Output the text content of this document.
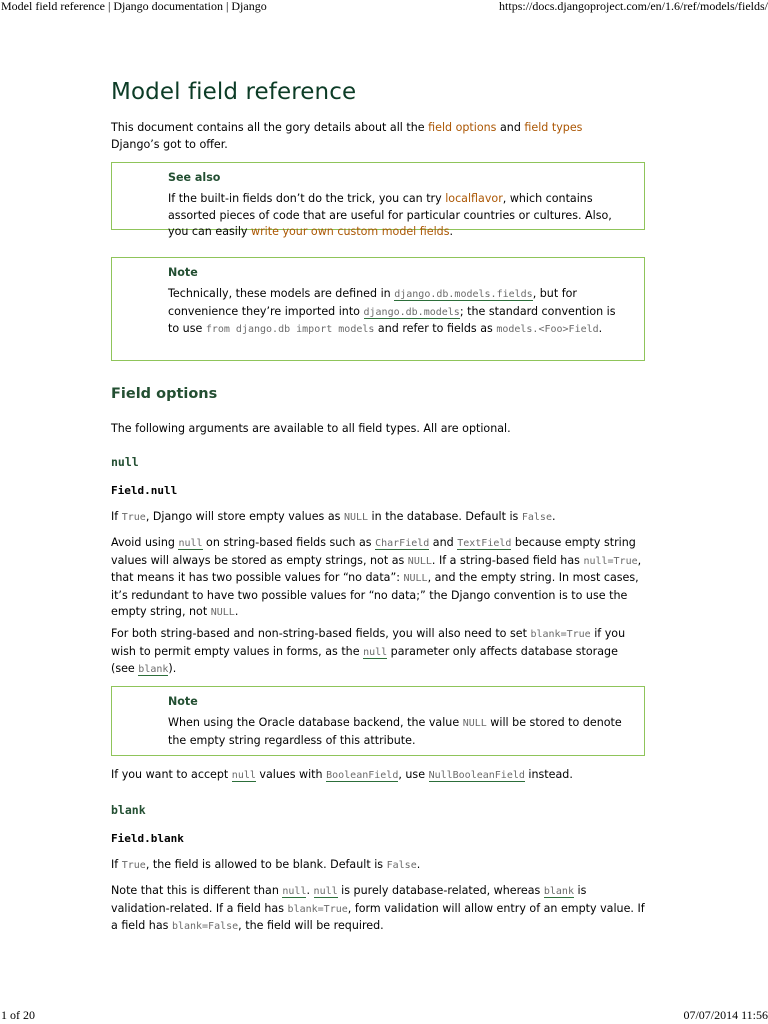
Model field reference | Django documentation | Django	https://docs.djangoproject.com/en/1.6/ref/models/fields/
Model field reference

This document contains all the gory details about all the field options and field types
Django’s got to offer.

See also

If the built-in fields don’t do the trick, you can try localflavor, which contains assorted pieces of code that are useful for particular countries or cultures. Also, you can easily write your own custom model fields.

Note

Technically, these models are defined in django.db.models.fields, but for convenience they’re imported into django.db.models; the standard convention is to use from django.db import models and refer to fields as models.<Foo>Field.

Field options

The following arguments are available to all field types. All are optional.

null
Field.null

If True, Django will store empty values as NULL in the database. Default is False.

Avoid using null on string-based fields such as CharField and TextField because empty string values will always be stored as empty strings, not as NULL. If a string-based field has null=True, that means it has two possible values for “no data”: NULL, and the empty string. In most cases, it’s redundant to have two possible values for “no data;” the Django convention is to use the empty string, not NULL.

For both string-based and non-string-based fields, you will also need to set blank=True if you wish to permit empty values in forms, as the null parameter only affects database storage (see blank).

Note

When using the Oracle database backend, the value NULL will be stored to denote the empty string regardless of this attribute.

If you want to accept null values with BooleanField, use NullBooleanField instead.

blank
Field.blank

If True, the field is allowed to be blank. Default is False.

Note that this is different than null. null is purely database-related, whereas blank is validation-related. If a field has blank=True, form validation will allow entry of an empty value. If a field has blank=False, the field will be required.

1 of 20	07/07/2014 11:56
